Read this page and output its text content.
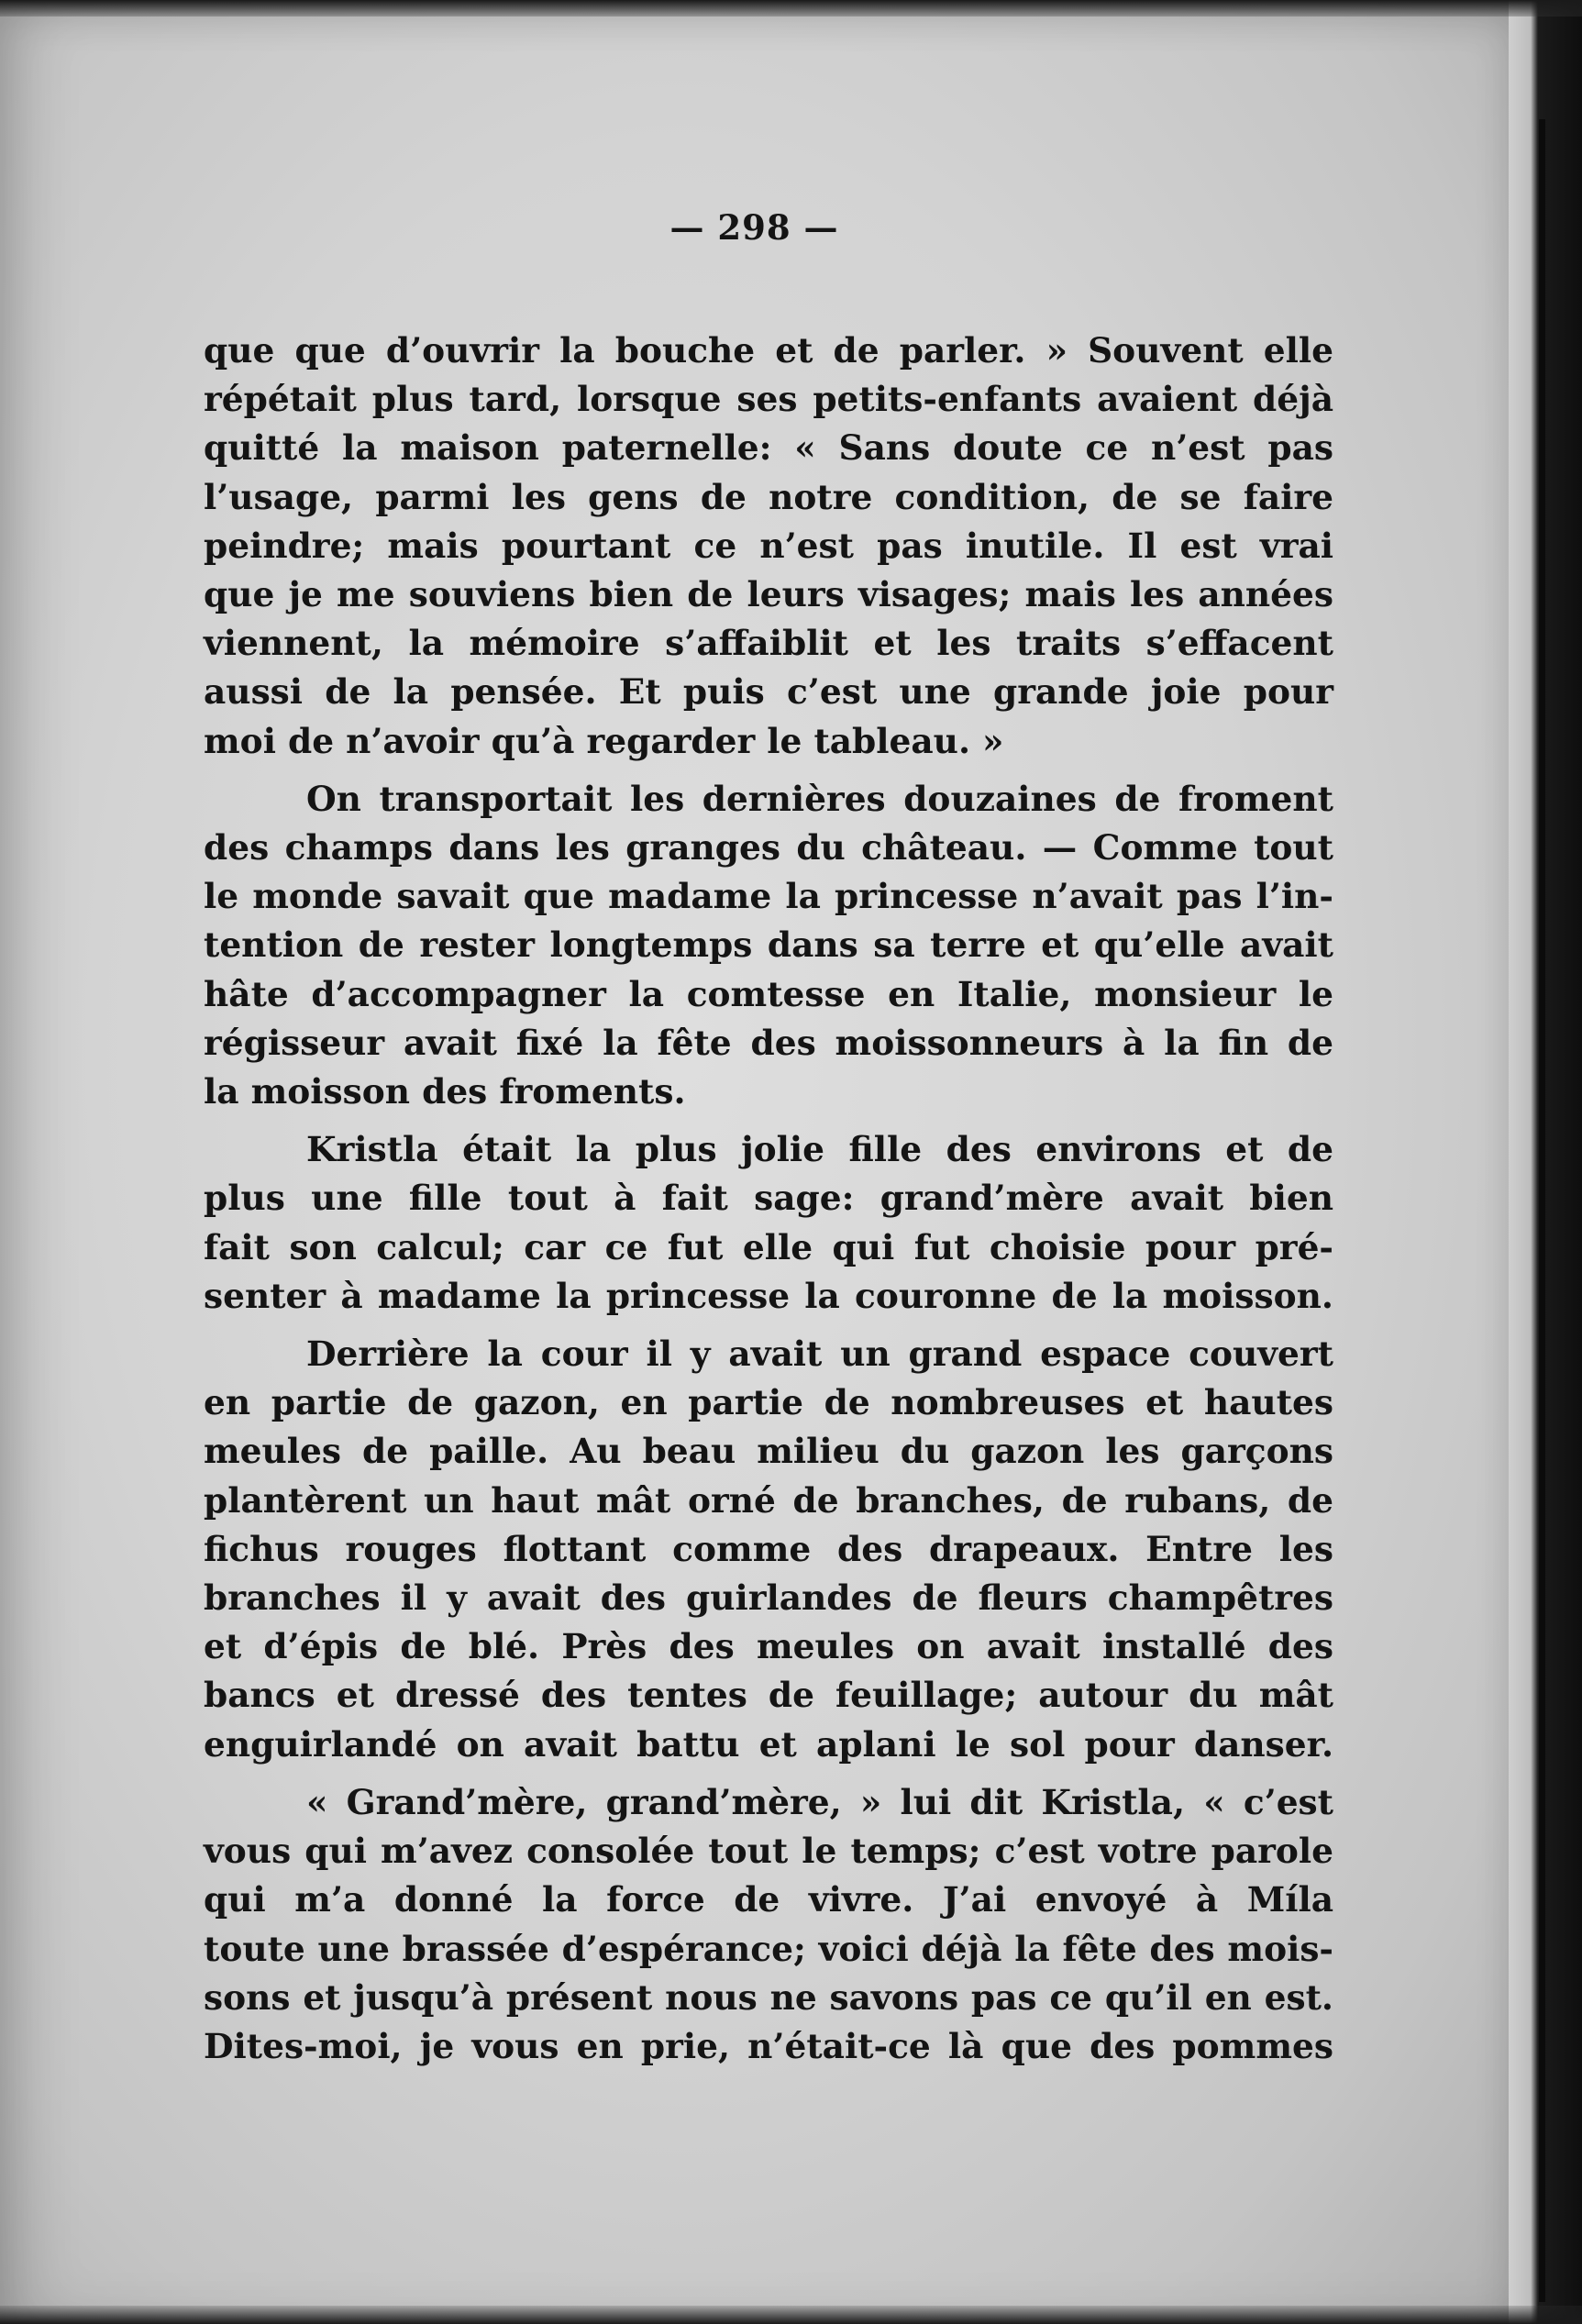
— 298 —

que que d’ouvrir la bouche et de parler. » Souvent elle
répétait plus tard, lorsque ses petits-enfants avaient déjà
quitté la maison paternelle: « Sans doute ce n’est pas
l’usage, parmi les gens de notre condition, de se faire
peindre; mais pourtant ce n’est pas inutile. Il est vrai
que je me souviens bien de leurs visages; mais les années
viennent, la mémoire s’affaiblit et les traits s’effacent
aussi de la pensée. Et puis c’est une grande joie pour
moi de n’avoir qu’à regarder le tableau. »

On transportait les dernières douzaines de froment
des champs dans les granges du château. — Comme tout
le monde savait que madame la princesse n’avait pas l’in-
tention de rester longtemps dans sa terre et qu’elle avait
hâte d’accompagner la comtesse en Italie, monsieur le
régisseur avait fixé la fête des moissonneurs à la fin de
la moisson des froments.

Kristla était la plus jolie fille des environs et de
plus une fille tout à fait sage: grand’mère avait bien
fait son calcul; car ce fut elle qui fut choisie pour pré-
senter à madame la princesse la couronne de la moisson.

Derrière la cour il y avait un grand espace couvert
en partie de gazon, en partie de nombreuses et hautes
meules de paille. Au beau milieu du gazon les garçons
plantèrent un haut mât orné de branches, de rubans, de
fichus rouges flottant comme des drapeaux. Entre les
branches il y avait des guirlandes de fleurs champêtres
et d’épis de blé. Près des meules on avait installé des
bancs et dressé des tentes de feuillage; autour du mât
enguirlandé on avait battu et aplani le sol pour danser.

« Grand’mère, grand’mère, » lui dit Kristla, « c’est
vous qui m’avez consolée tout le temps; c’est votre parole
qui m’a donné la force de vivre. J’ai envoyé à Míla
toute une brassée d’espérance; voici déjà la fête des mois-
sons et jusqu’à présent nous ne savons pas ce qu’il en est.
Dites-moi, je vous en prie, n’était-ce là que des pommes
